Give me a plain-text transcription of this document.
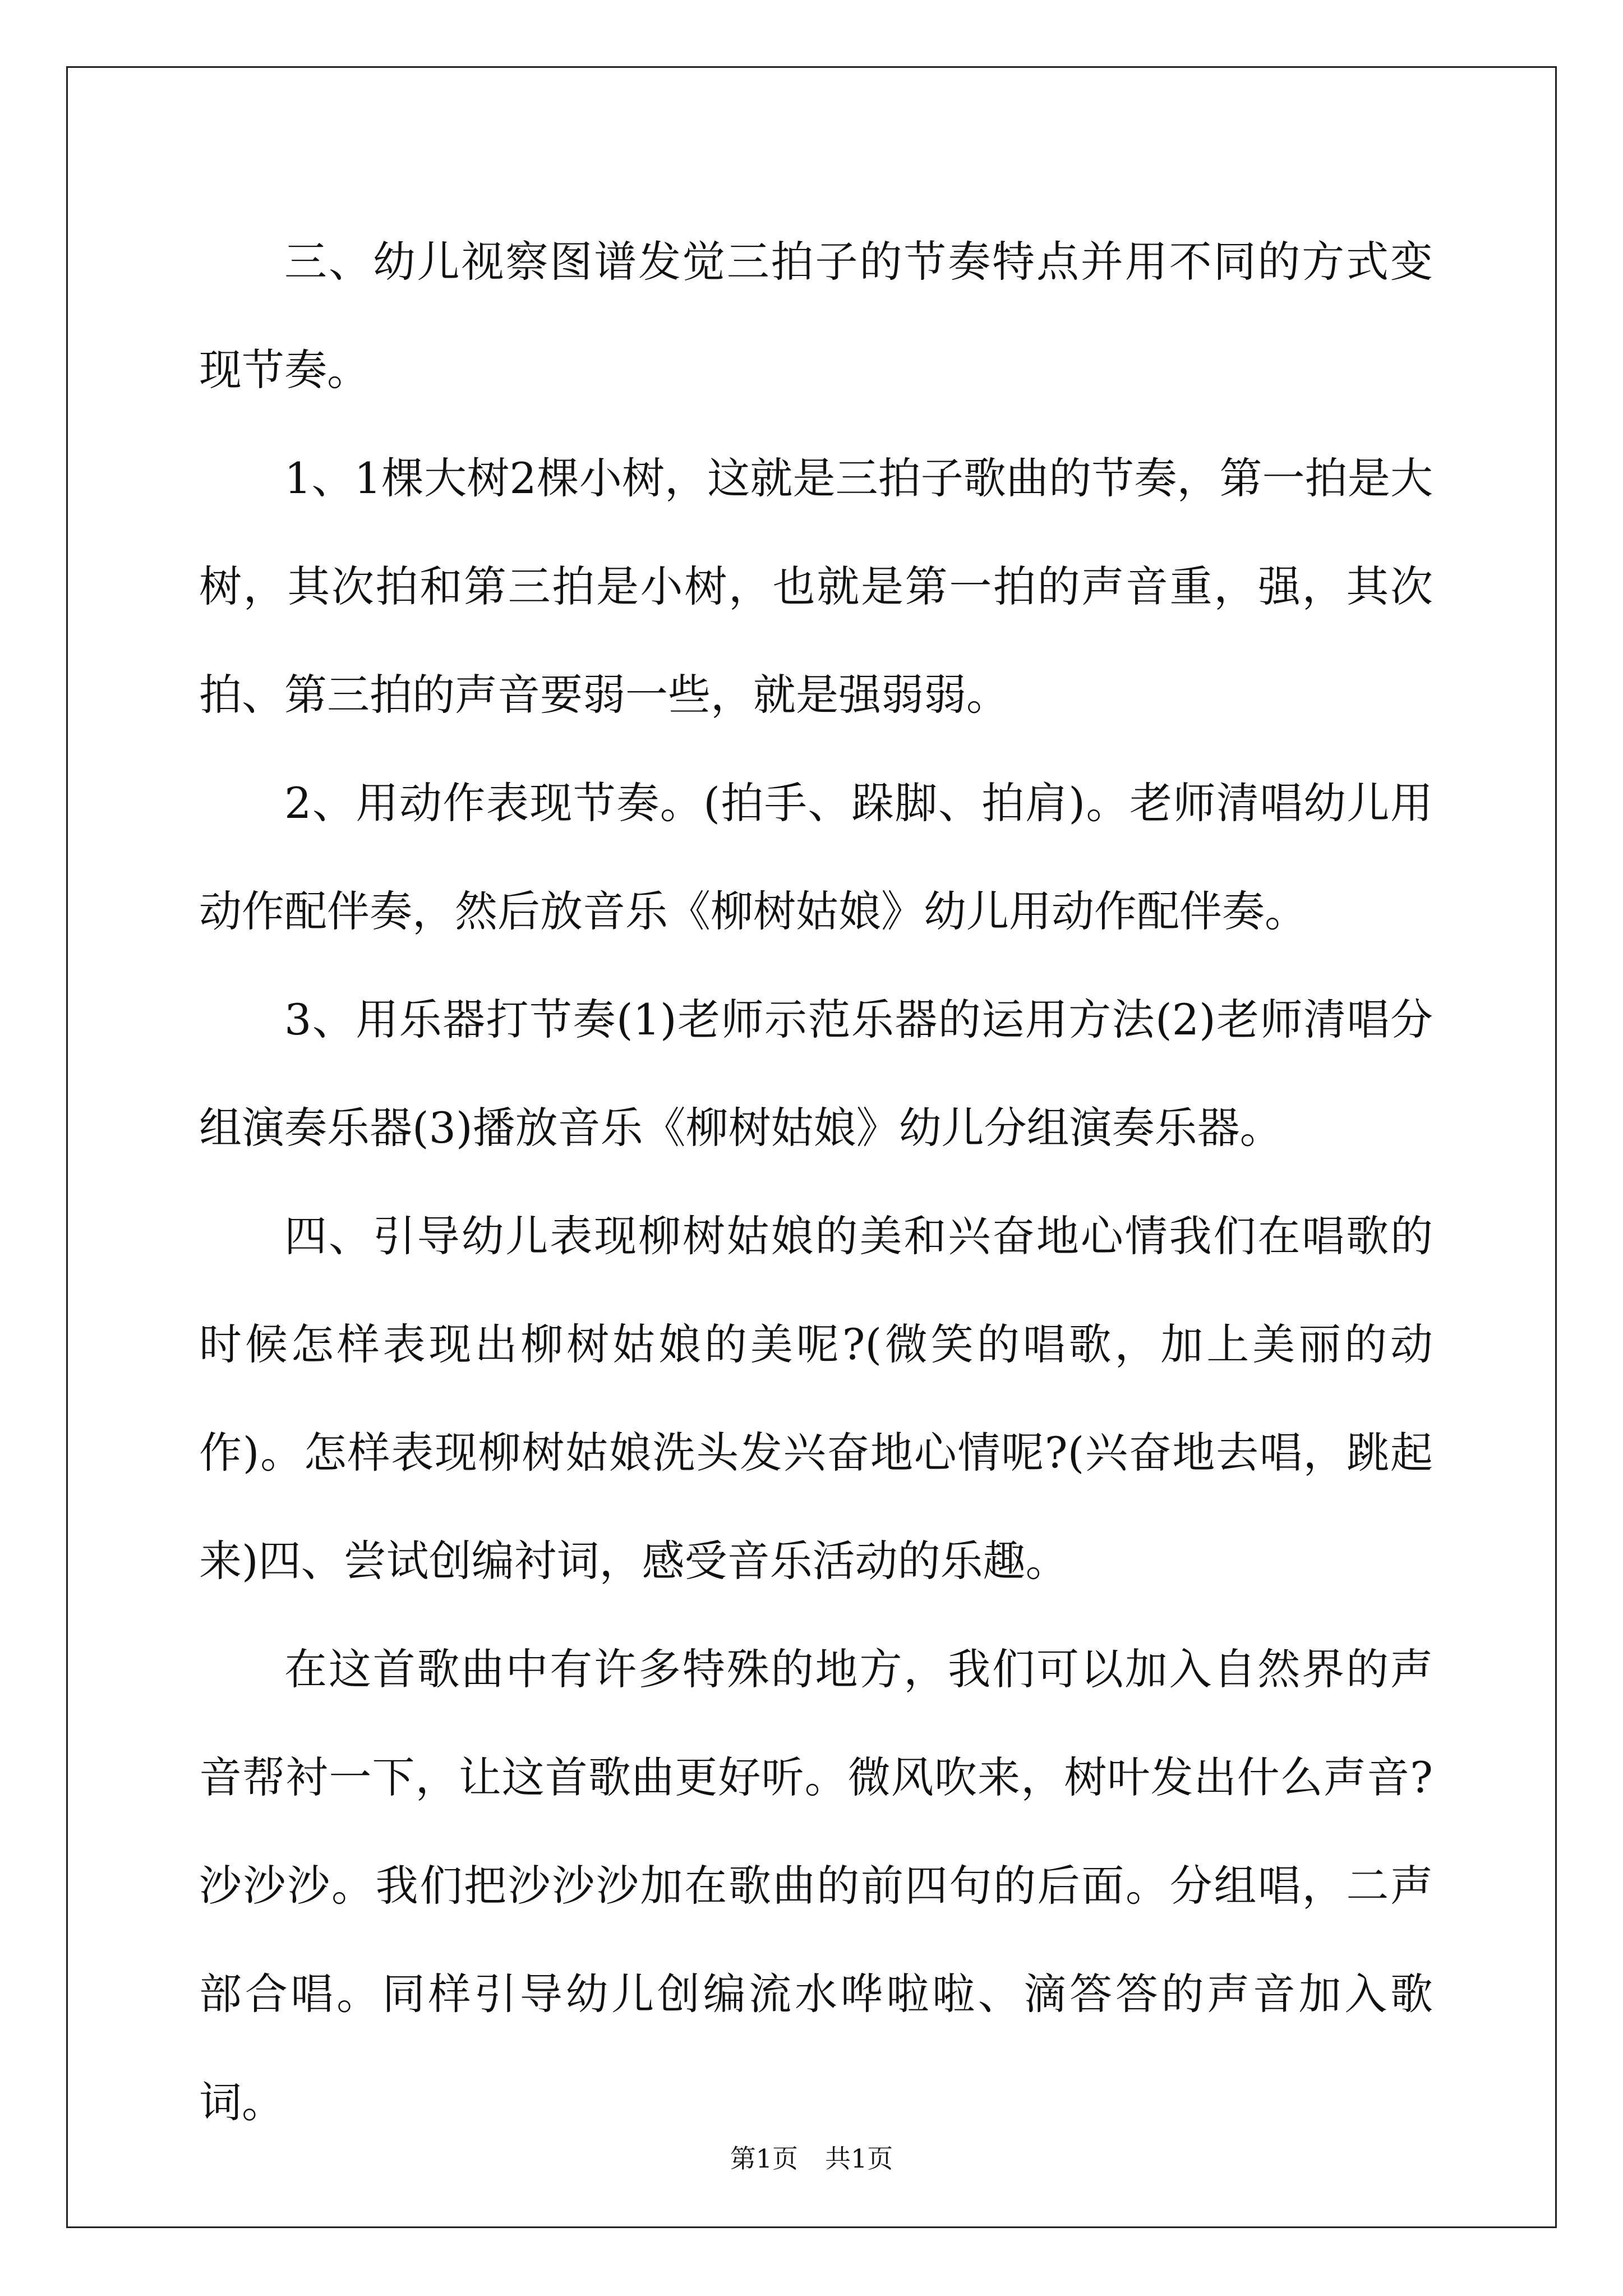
三、幼儿视察图谱发觉三拍子的节奏特点并用不同的方式变现节奏。

1、1棵大树2棵小树，这就是三拍子歌曲的节奏，第一拍是大树，其次拍和第三拍是小树，也就是第一拍的声音重，强，其次拍、第三拍的声音要弱一些，就是强弱弱。

2、用动作表现节奏。(拍手、跺脚、拍肩)。老师清唱幼儿用动作配伴奏，然后放音乐《柳树姑娘》幼儿用动作配伴奏。

3、用乐器打节奏(1)老师示范乐器的运用方法(2)老师清唱分组演奏乐器(3)播放音乐《柳树姑娘》幼儿分组演奏乐器。

四、引导幼儿表现柳树姑娘的美和兴奋地心情我们在唱歌的时候怎样表现出柳树姑娘的美呢?(微笑的唱歌，加上美丽的动作)。怎样表现柳树姑娘洗头发兴奋地心情呢?(兴奋地去唱，跳起来)四、尝试创编衬词，感受音乐活动的乐趣。

在这首歌曲中有许多特殊的地方，我们可以加入自然界的声音帮衬一下，让这首歌曲更好听。微风吹来，树叶发出什么声音?沙沙沙。我们把沙沙沙加在歌曲的前四句的后面。分组唱，二声部合唱。同样引导幼儿创编流水哗啦啦、滴答答的声音加入歌词。

第1页 共1页
